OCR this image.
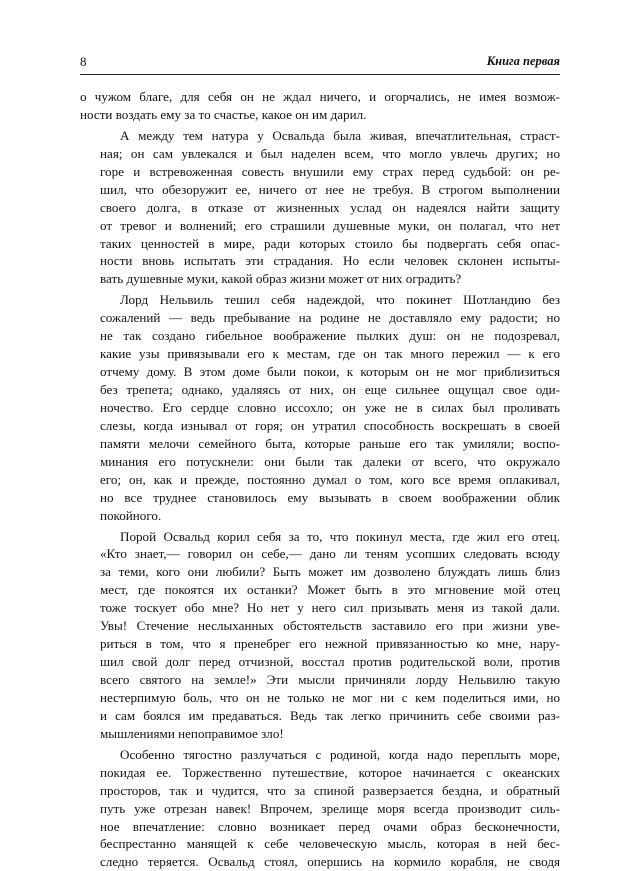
8	Книга первая
о чужом благе, для себя он не ждал ничего, и огорчались, не имея возмож-
ности воздать ему за то счастье, какое он им дарил.
А между тем натура у Освальда была живая, впечатлительная, страст-
ная; он сам увлекался и был наделен всем, что могло увлечь других; но
горе и встревоженная совесть внушили ему страх перед судьбой: он ре-
шил, что обезоружит ее, ничего от нее не требуя. В строгом выполнении
своего долга, в отказе от жизненных услад он надеялся найти защиту
от тревог и волнений; его страшили душевные муки, он полагал, что нет
таких ценностей в мире, ради которых стоило бы подвергать себя опас-
ности вновь испытать эти страдания. Но если человек склонен испыты-
вать душевные муки, какой образ жизни может от них оградить?
Лорд Нельвиль тешил себя надеждой, что покинет Шотландию без
сожалений — ведь пребывание на родине не доставляло ему радости; но
не так создано гибельное воображение пылких душ: он не подозревал,
какие узы привязывали его к местам, где он так много пережил — к его
отчему дому. В этом доме были покои, к которым он не мог приблизиться
без трепета; однако, удаляясь от них, он еще сильнее ощущал свое оди-
ночество. Его сердце словно иссохло; он уже не в силах был проливать
слезы, когда изнывал от горя; он утратил способность воскрешать в своей
памяти мелочи семейного быта, которые раньше его так умиляли; воспо-
минания его потускнели: они были так далеки от всего, что окружало
его; он, как и прежде, постоянно думал о том, кого все время оплакивал,
но все труднее становилось ему вызывать в своем воображении облик
покойного.
Порой Освальд корил себя за то, что покинул места, где жил его отец.
«Кто знает,— говорил он себе,— дано ли теням усопших следовать всюду
за теми, кого они любили? Быть может им дозволено блуждать лишь близ
мест, где покоятся их останки? Может быть в это мгновение мой отец
тоже тоскует обо мне? Но нет у него сил призывать меня из такой дали.
Увы! Стечение неслыханных обстоятельств заставило его при жизни уве-
риться в том, что я пренебрег его нежной привязанностью ко мне, нару-
шил свой долг перед отчизной, восстал против родительской воли, против
всего святого на земле!» Эти мысли причиняли лорду Нельвилю такую
нестерпимую боль, что он не только не мог ни с кем поделиться ими, но
и сам боялся им предаваться. Ведь так легко причинить себе своими раз-
мышлениями непоправимое зло!
Особенно тягостно разлучаться с родиной, когда надо переплыть море,
покидая ее. Торжественно путешествие, которое начинается с океанских
просторов, так и чудится, что за спиной разверзается бездна, и обратный
путь уже отрезан навек! Впрочем, зрелище моря всегда производит силь-
ное впечатление: словно возникает перед очами образ бесконечности,
беспрестанно манящей к себе человеческую мысль, которая в ней бес-
следно теряется. Освальд стоял, опершись на кормило корабля, не сводя
